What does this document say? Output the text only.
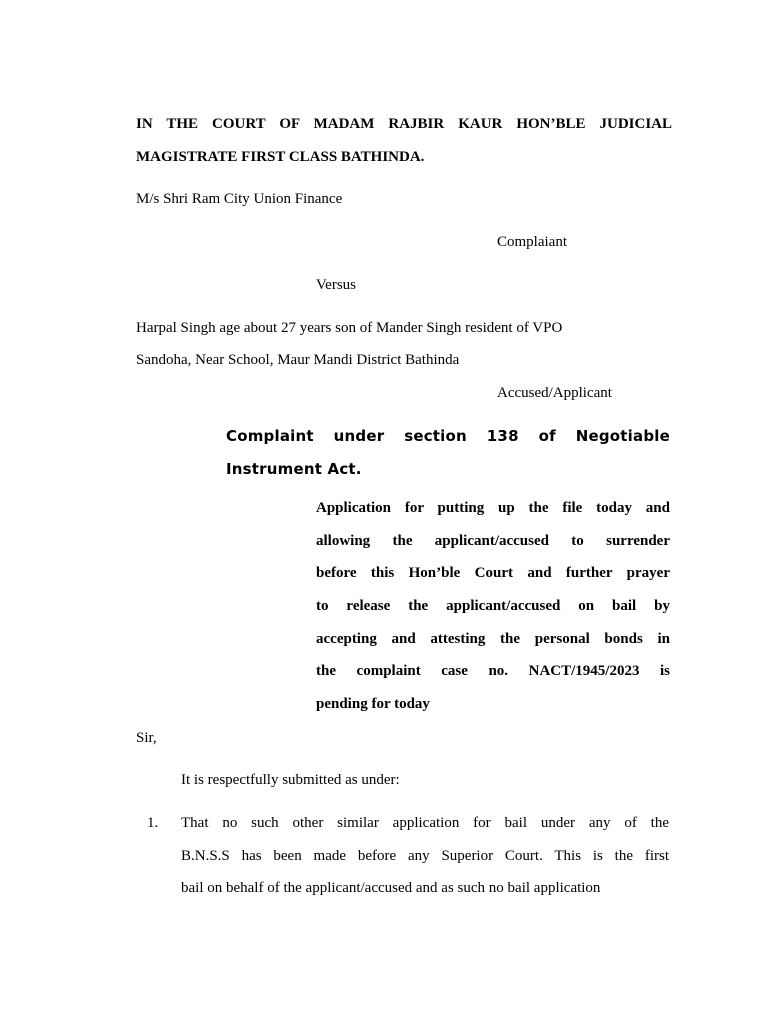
IN THE COURT OF MADAM RAJBIR KAUR HON’BLE JUDICIAL
MAGISTRATE FIRST CLASS BATHINDA.
M/s Shri Ram City Union Finance
Complaiant
Versus
Harpal Singh age about 27 years son of Mander Singh resident of VPO
Sandoha, Near School, Maur Mandi District Bathinda
Accused/Applicant
Complaint under section 138 of Negotiable
Instrument Act.
Application for putting up the file today and
allowing the applicant/accused to surrender
before this Hon’ble Court and further prayer
to release the applicant/accused on bail by
accepting and attesting the personal bonds in
the complaint case no. NACT/1945/2023 is
pending for today
Sir,
It is respectfully submitted as under:
1. That no such other similar application for bail under any of the
B.N.S.S has been made before any Superior Court. This is the first
bail on behalf of the applicant/accused and as such no bail application
